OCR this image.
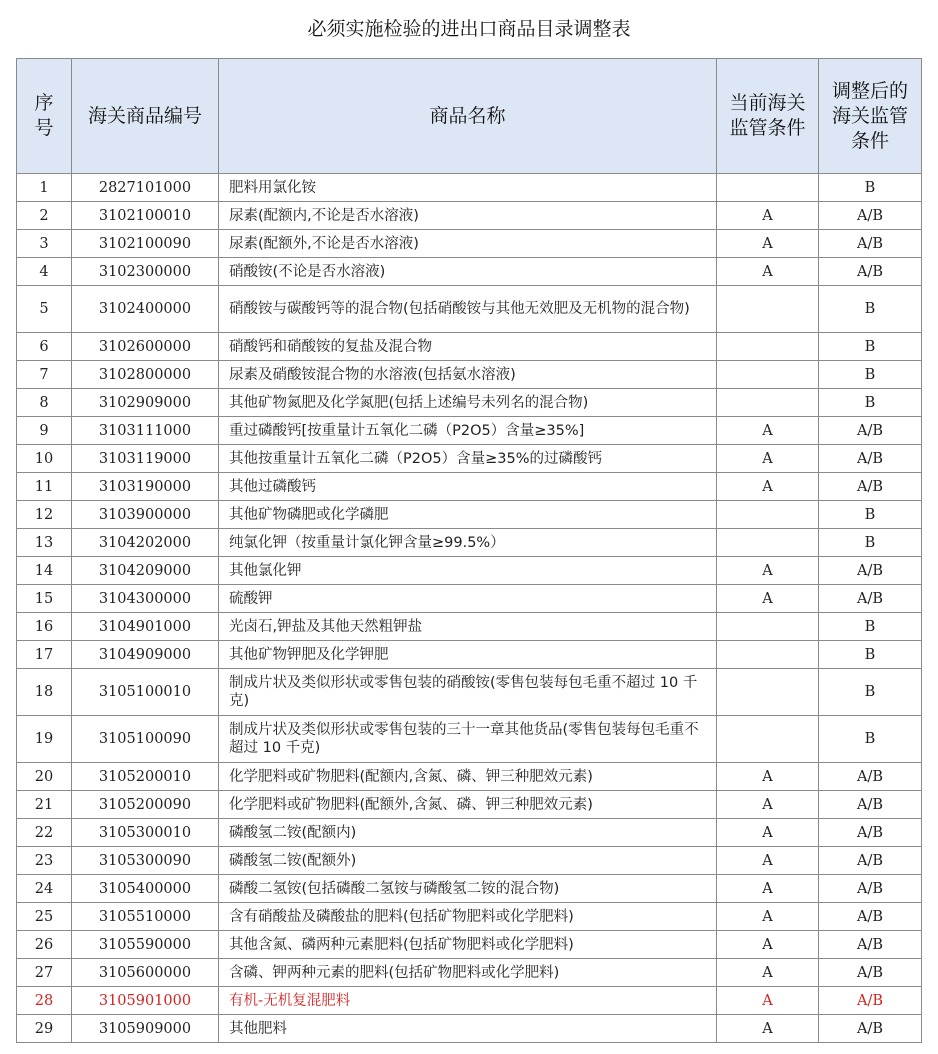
必须实施检验的进出口商品目录调整表
序号	海关商品编号	商品名称	当前海关监管条件	调整后的海关监管条件
1	2827101000	肥料用氯化铵		B
2	3102100010	尿素(配额内,不论是否水溶液)	A	A/B
3	3102100090	尿素(配额外,不论是否水溶液)	A	A/B
4	3102300000	硝酸铵(不论是否水溶液)	A	A/B
5	3102400000	硝酸铵与碳酸钙等的混合物(包括硝酸铵与其他无效肥及无机物的混合物)		B
6	3102600000	硝酸钙和硝酸铵的复盐及混合物		B
7	3102800000	尿素及硝酸铵混合物的水溶液(包括氨水溶液)		B
8	3102909000	其他矿物氮肥及化学氮肥(包括上述编号未列名的混合物)		B
9	3103111000	重过磷酸钙[按重量计五氧化二磷（P2O5）含量≥35%]	A	A/B
10	3103119000	其他按重量计五氧化二磷（P2O5）含量≥35%的过磷酸钙	A	A/B
11	3103190000	其他过磷酸钙	A	A/B
12	3103900000	其他矿物磷肥或化学磷肥		B
13	3104202000	纯氯化钾（按重量计氯化钾含量≥99.5%）		B
14	3104209000	其他氯化钾	A	A/B
15	3104300000	硫酸钾	A	A/B
16	3104901000	光卤石,钾盐及其他天然粗钾盐		B
17	3104909000	其他矿物钾肥及化学钾肥		B
18	3105100010	制成片状及类似形状或零售包装的硝酸铵(零售包装每包毛重不超过 10 千克)		B
19	3105100090	制成片状及类似形状或零售包装的三十一章其他货品(零售包装每包毛重不超过 10 千克)		B
20	3105200010	化学肥料或矿物肥料(配额内,含氮、磷、钾三种肥效元素)	A	A/B
21	3105200090	化学肥料或矿物肥料(配额外,含氮、磷、钾三种肥效元素)	A	A/B
22	3105300010	磷酸氢二铵(配额内)	A	A/B
23	3105300090	磷酸氢二铵(配额外)	A	A/B
24	3105400000	磷酸二氢铵(包括磷酸二氢铵与磷酸氢二铵的混合物)	A	A/B
25	3105510000	含有硝酸盐及磷酸盐的肥料(包括矿物肥料或化学肥料)	A	A/B
26	3105590000	其他含氮、磷两种元素肥料(包括矿物肥料或化学肥料)	A	A/B
27	3105600000	含磷、钾两种元素的肥料(包括矿物肥料或化学肥料)	A	A/B
28	3105901000	有机-无机复混肥料	A	A/B
29	3105909000	其他肥料	A	A/B
